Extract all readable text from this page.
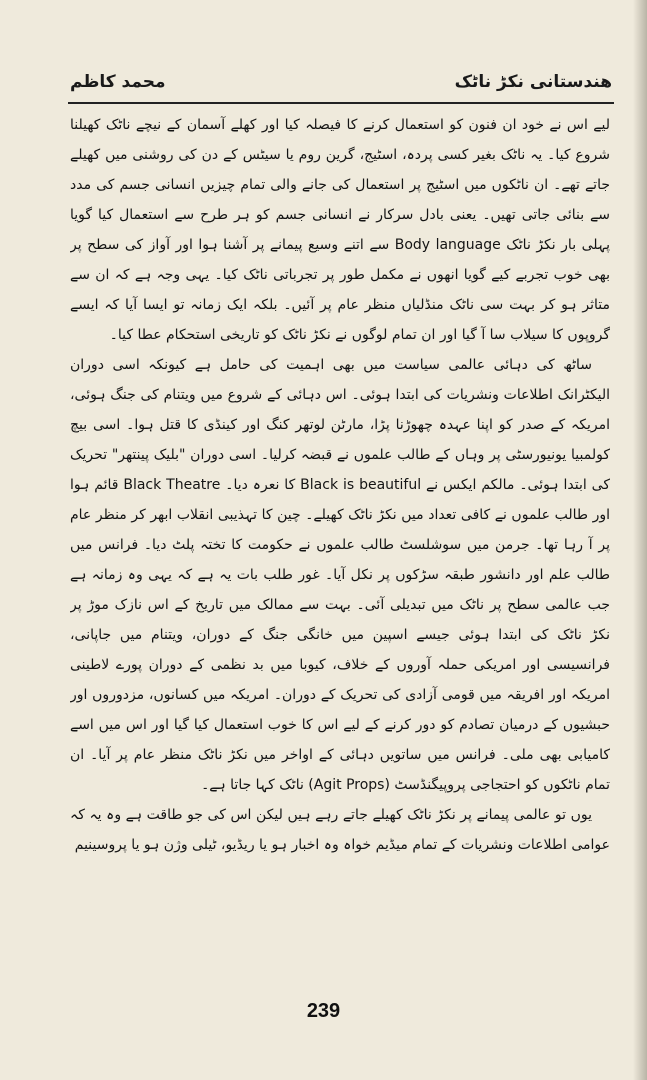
هندستانی نکڑ ناٹک
محمد کاظم

لیے اس نے خود ان فنون کو استعمال کرنے کا فیصلہ کیا اور کھلے آسمان کے نیچے ناٹک کھیلنا شروع کیا۔ یہ ناٹک بغیر کسی پردہ، اسٹیج، گرین روم یا سیٹس کے دن کی روشنی میں کھیلے جاتے تھے۔ ان ناٹکوں میں اسٹیج پر استعمال کی جانے والی تمام چیزیں انسانی جسم کی مدد سے بنائی جاتی تھیں۔ یعنی بادل سرکار نے انسانی جسم کو ہر طرح سے استعمال کیا گویا پہلی بار نکڑ ناٹک Body language سے اتنے وسیع پیمانے پر آشنا ہوا اور آواز کی سطح پر بھی خوب تجربے کیے گویا انھوں نے مکمل طور پر تجرباتی ناٹک کیا۔ یہی وجہ ہے کہ ان سے متاثر ہو کر بہت سی ناٹک منڈلیاں منظر عام پر آئیں۔ بلکہ ایک زمانہ تو ایسا آیا کہ ایسے گروپوں کا سیلاب سا آ گیا اور ان تمام لوگوں نے نکڑ ناٹک کو تاریخی استحکام عطا کیا۔

ساٹھ کی دہائی عالمی سیاست میں بھی اہمیت کی حامل ہے کیونکہ اسی دوران الیکٹرانک اطلاعات ونشریات کی ابتدا ہوئی۔ اس دہائی کے شروع میں ویتنام کی جنگ ہوئی، امریکہ کے صدر کو اپنا عہدہ چھوڑنا پڑا، مارٹن لوتھر کنگ اور کینڈی کا قتل ہوا۔ اسی بیچ کولمبیا یونیورسٹی پر وہاں کے طالب علموں نے قبضہ کرلیا۔ اسی دوران "بلیک پینتھر" تحریک کی ابتدا ہوئی۔ مالکم ایکس نے Black is beautiful کا نعرہ دیا۔ Black Theatre قائم ہوا اور طالب علموں نے کافی تعداد میں نکڑ ناٹک کھیلے۔ چین کا تہذیبی انقلاب ابھر کر منظر عام پر آ رہا تھا۔ جرمن میں سوشلسٹ طالب علموں نے حکومت کا تختہ پلٹ دیا۔ فرانس میں طالب علم اور دانشور طبقہ سڑکوں پر نکل آیا۔ غور طلب بات یہ ہے کہ یہی وہ زمانہ ہے جب عالمی سطح پر ناٹک میں تبدیلی آئی۔ بہت سے ممالک میں تاریخ کے اس نازک موڑ پر نکڑ ناٹک کی ابتدا ہوئی جیسے اسپین میں خانگی جنگ کے دوران، ویتنام میں جاپانی، فرانسیسی اور امریکی حملہ آوروں کے خلاف، کیوبا میں بد نظمی کے دوران پورے لاطینی امریکہ اور افریقہ میں قومی آزادی کی تحریک کے دوران۔ امریکہ میں کسانوں، مزدوروں اور حبشیوں کے درمیان تصادم کو دور کرنے کے لیے اس کا خوب استعمال کیا گیا اور اس میں اسے کامیابی بھی ملی۔ فرانس میں ساتویں دہائی کے اواخر میں نکڑ ناٹک منظر عام پر آیا۔ ان تمام ناٹکوں کو احتجاجی پروپیگنڈسٹ (Agit Props) ناٹک کہا جاتا ہے۔

یوں تو عالمی پیمانے پر نکڑ ناٹک کھیلے جاتے رہے ہیں لیکن اس کی جو طاقت ہے وہ یہ کہ عوامی اطلاعات ونشریات کے تمام میڈیم خواہ وہ اخبار ہو یا ریڈیو، ٹیلی وژن ہو یا پروسینیم

239
